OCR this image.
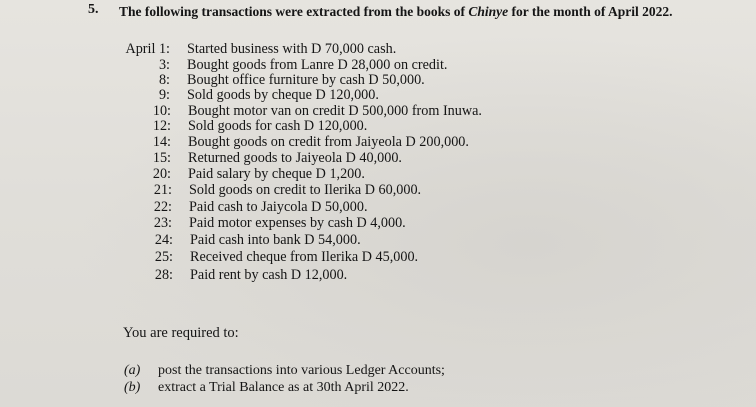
5. The following transactions were extracted from the books of Chinye for the month of April 2022.
April 1: Started business with D 70,000 cash.
3: Bought goods from Lanre D 28,000 on credit.
8: Bought office furniture by cash D 50,000.
9: Sold goods by cheque D 120,000.
10: Bought motor van on credit D 500,000 from Inuwa.
12: Sold goods for cash D 120,000.
14: Bought goods on credit from Jaiyeola D 200,000.
15: Returned goods to Jaiyeola D 40,000.
20: Paid salary by cheque D 1,200.
21: Sold goods on credit to Ilerika D 60,000.
22: Paid cash to Jaiycola D 50,000.
23: Paid motor expenses by cash D 4,000.
24: Paid cash into bank D 54,000.
25: Received cheque from Ilerika D 45,000.
28: Paid rent by cash D 12,000.
You are required to:
(a) post the transactions into various Ledger Accounts;
(b) extract a Trial Balance as at 30th April 2022.
